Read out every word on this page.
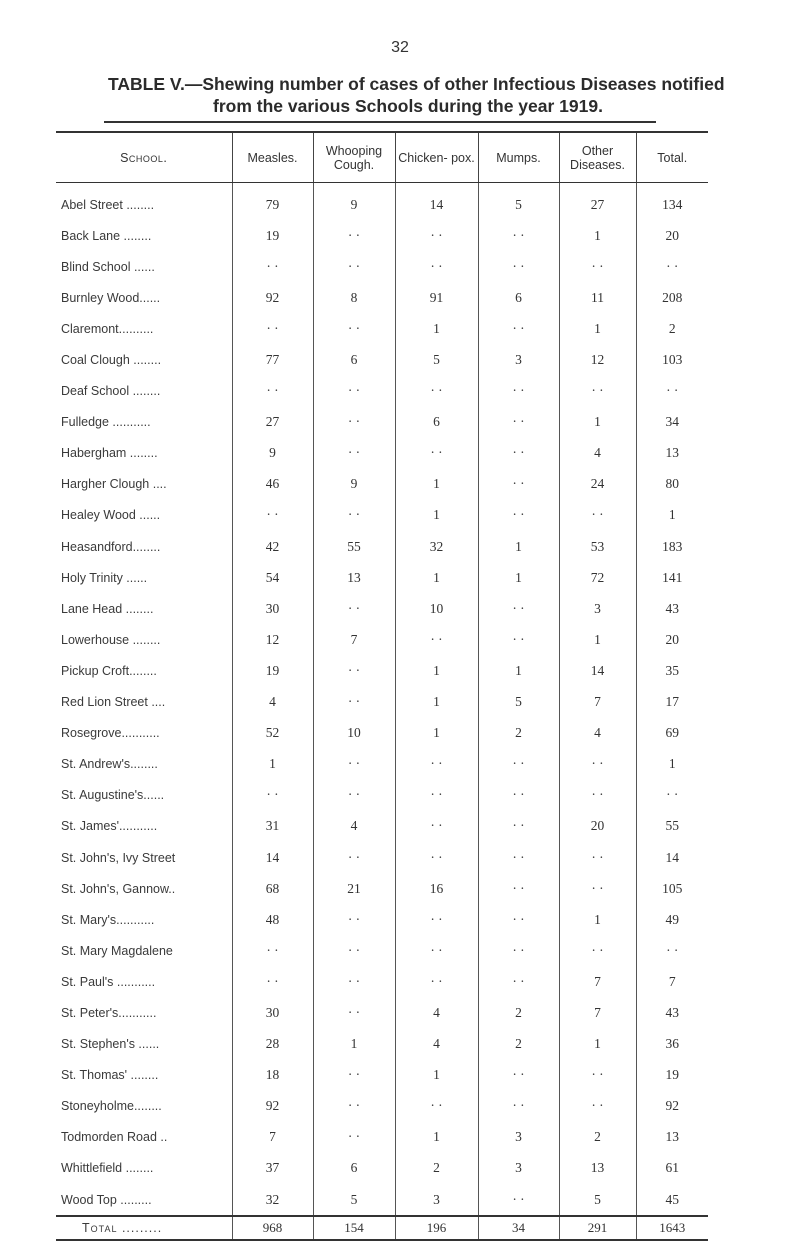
32
TABLE V.—Shewing number of cases of other Infectious Diseases notified
from the various Schools during the year 1919.
School.	Measles.	Whooping Cough.	Chicken- pox.	Mumps.	Other Diseases.	Total.
Abel Street ........	79	9	14	5	27	134
Back Lane ........	19	· ·	· ·	· ·	1	20
Blind School ......	· ·	· ·	· ·	· ·	· ·	· ·
Burnley Wood......	92	8	91	6	11	208
Claremont..........	· ·	· ·	1	· ·	1	2
Coal Clough ........	77	6	5	3	12	103
Deaf School ........	· ·	· ·	· ·	· ·	· ·	· ·
Fulledge ...........	27	· ·	6	· ·	1	34
Habergham ........	9	· ·	· ·	· ·	4	13
Hargher Clough ....	46	9	1	· ·	24	80
Healey Wood ......	· ·	· ·	1	· ·	· ·	1
Heasandford........	42	55	32	1	53	183
Holy Trinity ......	54	13	1	1	72	141
Lane Head ........	30	· ·	10	· ·	3	43
Lowerhouse ........	12	7	· ·	· ·	1	20
Pickup Croft........	19	· ·	1	1	14	35
Red Lion Street ....	4	· ·	1	5	7	17
Rosegrove...........	52	10	1	2	4	69
St. Andrew's........	1	· ·	· ·	· ·	· ·	1
St. Augustine's......	· ·	· ·	· ·	· ·	· ·	· ·
St. James'...........	31	4	· ·	· ·	20	55
St. John's, Ivy Street	14	· ·	· ·	· ·	· ·	14
St. John's, Gannow..	68	21	16	· ·	· ·	105
St. Mary's...........	48	· ·	· ·	· ·	1	49
St. Mary Magdalene	· ·	· ·	· ·	· ·	· ·	· ·
St. Paul's ...........	· ·	· ·	· ·	· ·	7	7
St. Peter's...........	30	· ·	4	2	7	43
St. Stephen's ......	28	1	4	2	1	36
St. Thomas' ........	18	· ·	1	· ·	· ·	19
Stoneyholme........	92	· ·	· ·	· ·	· ·	92
Todmorden Road ..	7	· ·	1	3	2	13
Whittlefield ........	37	6	2	3	13	61
Wood Top .........	32	5	3	· ·	5	45
Total .........	968	154	196	34	291	1643
